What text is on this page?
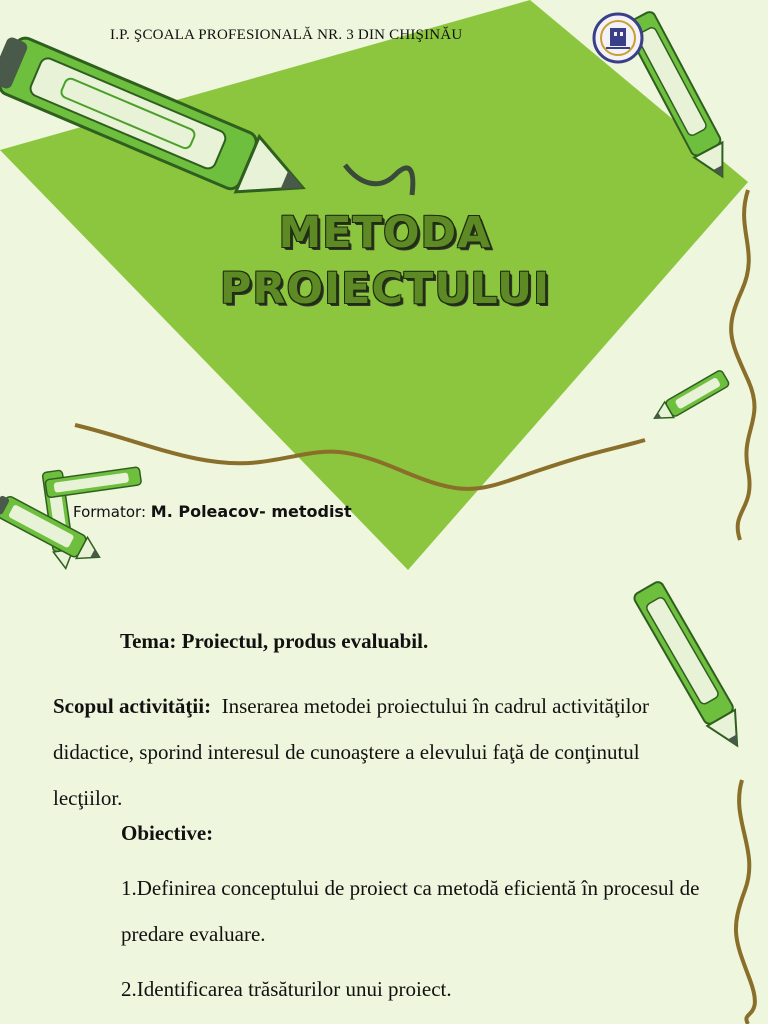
I.P. ŞCOALA PROFESIONALĂ NR. 3 DIN CHIŞINĂU

METODA
PROIECTULUI

Formator: M. Poleacov- metodist

Tema: Proiectul, produs evaluabil.

Scopul activităţii: Inserarea metodei proiectului în cadrul activităţilor didactice, sporind interesul de cunoaştere a elevului faţă de conţinutul lecţiilor.

Obiective:

1.Definirea conceptului de proiect ca metodă eficientă în procesul de predare evaluare.

2.Identificarea trăsăturilor unui proiect.
